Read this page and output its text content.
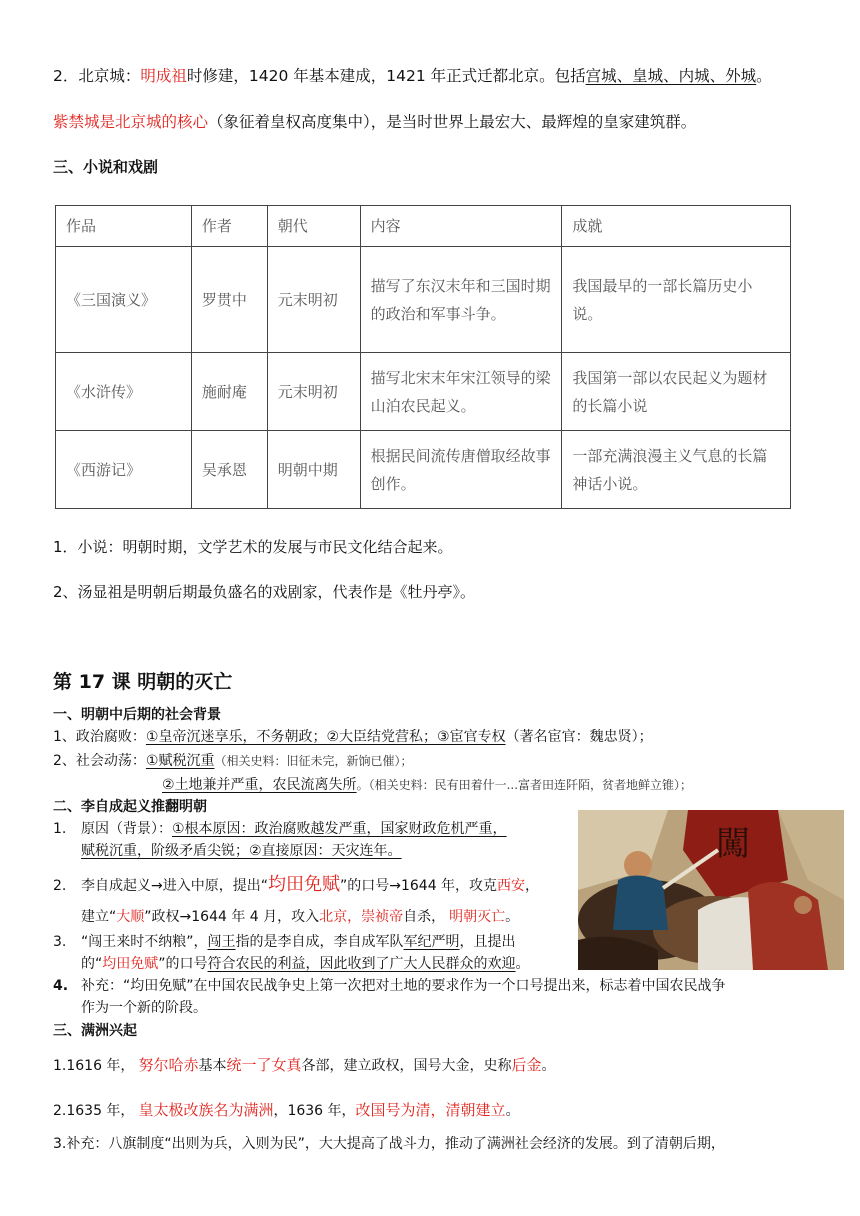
2．北京城：明成祖时修建，1420 年基本建成，1421 年正式迁都北京。包括宫城、皇城、内城、外城。
紫禁城是北京城的核心（象征着皇权高度集中），是当时世界上最宏大、最辉煌的皇家建筑群。
三、小说和戏剧
作品	作者	朝代	内容	成就
《三国演义》	罗贯中	元末明初	描写了东汉末年和三国时期的政治和军事斗争。	我国最早的一部长篇历史小说。
《水浒传》	施耐庵	元末明初	描写北宋末年宋江领导的梁山泊农民起义。	我国第一部以农民起义为题材的长篇小说
《西游记》	吴承恩	明朝中期	根据民间流传唐僧取经故事创作。	一部充满浪漫主义气息的长篇神话小说。
1．小说：明朝时期，文学艺术的发展与市民文化结合起来。
2、汤显祖是明朝后期最负盛名的戏剧家，代表作是《牡丹亭》。
第 17 课 明朝的灭亡
一、明朝中后期的社会背景
1、政治腐败：①皇帝沉迷享乐，不务朝政；②大臣结党营私；③宦官专权（著名宦官：魏忠贤）；
2、社会动荡：①赋税沉重（相关史料：旧征未完，新饷已催）；
②土地兼并严重，农民流离失所。（相关史料：民有田着什一...富者田连阡陌，贫者地鲜立锥）；
二、李自成起义推翻明朝
1. 原因（背景）：①根本原因：政治腐败越发严重，国家财政危机严重，
赋税沉重，阶级矛盾尖锐；②直接原因：天灾连年。
2. 李自成起义→进入中原，提出“均田免赋”的口号→1644 年，攻克西安，
建立“大顺”政权→1644 年 4 月，攻入北京，崇祯帝自杀， 明朝灭亡。
3. “闯王来时不纳粮”，闯王指的是李自成，李自成军队军纪严明，且提出
的“均田免赋”的口号符合农民的利益，因此收到了广大人民群众的欢迎。
4. 补充：“均田免赋”在中国农民战争史上第一次把对土地的要求作为一个口号提出来，标志着中国农民战争
作为一个新的阶段。
三、满洲兴起
1.1616 年， 努尔哈赤基本统一了女真各部，建立政权，国号大金，史称后金。
2.1635 年， 皇太极改族名为满洲，1636 年，改国号为清，清朝建立。
3.补充：八旗制度“出则为兵，入则为民”，大大提高了战斗力，推动了满洲社会经济的发展。到了清朝后期，
闖
